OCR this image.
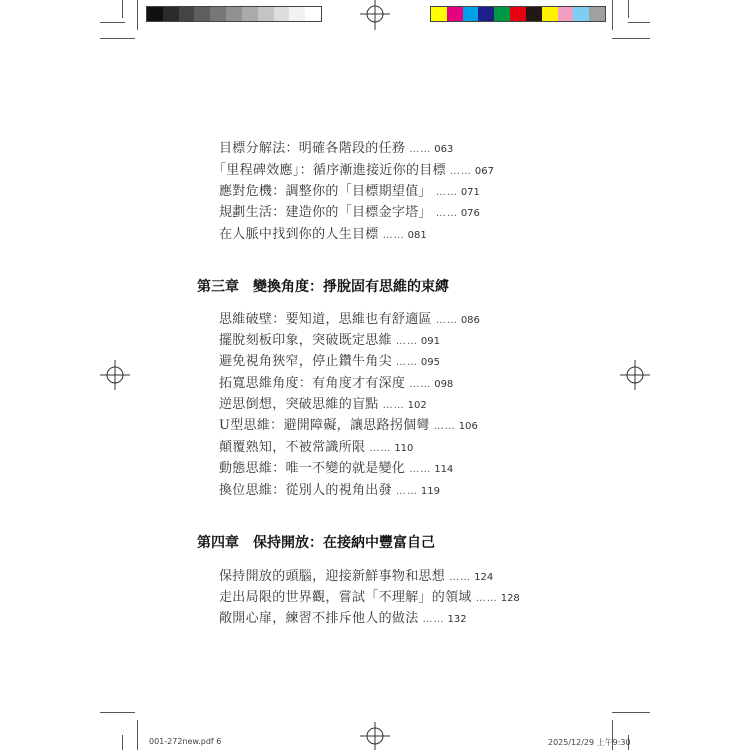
目標分解法：明確各階段的任務 …… 063
「里程碑效應」：循序漸進接近你的目標 …… 067
應對危機：調整你的「目標期望值」 …… 071
規劃生活：建造你的「目標金字塔」 …… 076
在人脈中找到你的人生目標 …… 081
第三章 變換角度：掙脫固有思維的束縛
思維破壁：要知道，思維也有舒適區 …… 086
擺脫刻板印象，突破既定思維 …… 091
避免視角狹窄，停止鑽牛角尖 …… 095
拓寬思維角度：有角度才有深度 …… 098
逆思倒想，突破思維的盲點 …… 102
U型思維：避開障礙，讓思路拐個彎 …… 106
顛覆熟知，不被常識所限 …… 110
動態思維：唯一不變的就是變化 …… 114
換位思維：從別人的視角出發 …… 119
第四章 保持開放：在接納中豐富自己
保持開放的頭腦，迎接新鮮事物和思想 …… 124
走出局限的世界觀，嘗試「不理解」的領域 …… 128
敞開心扉，練習不排斥他人的做法 …… 132
001-272new.pdf 6	2025/12/29 上午9:30
